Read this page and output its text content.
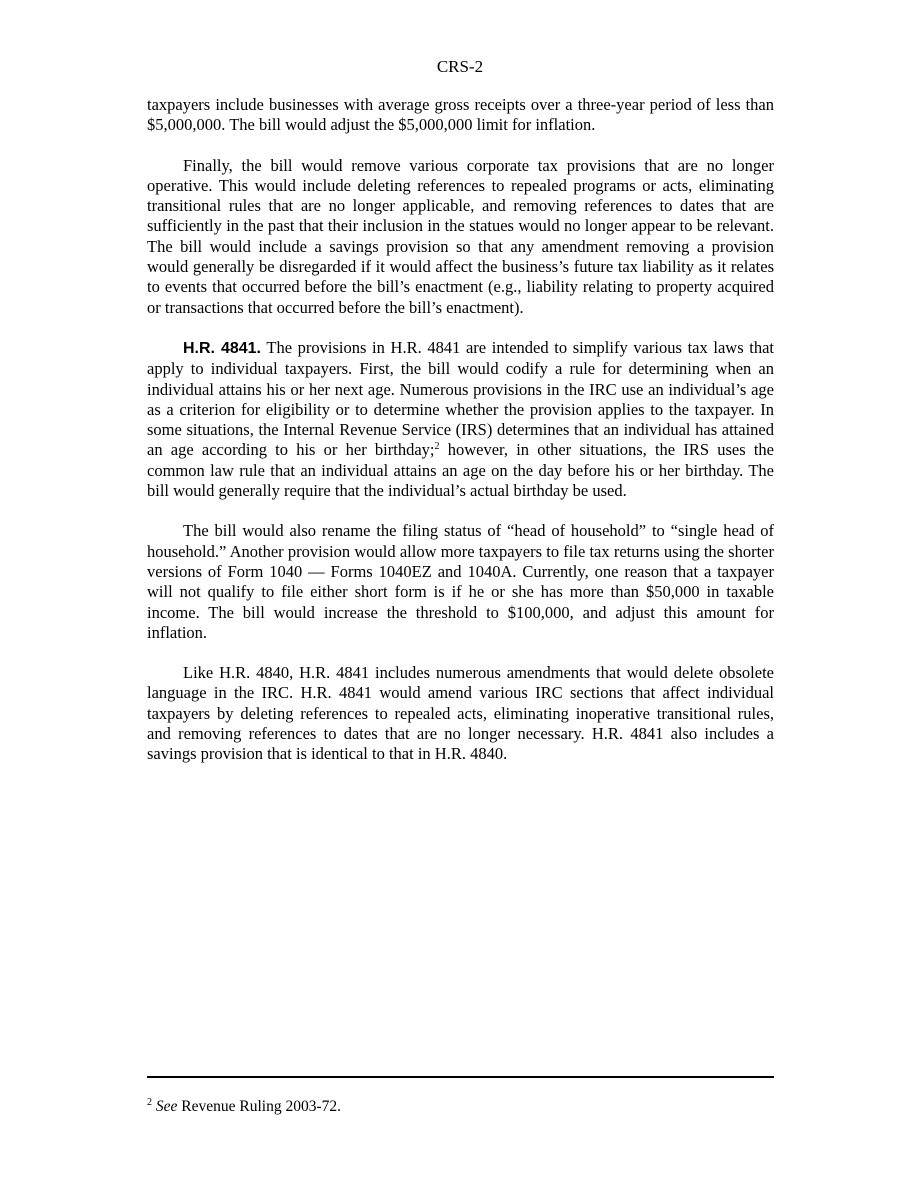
CRS-2

taxpayers include businesses with average gross receipts over a three-year period of less than $5,000,000. The bill would adjust the $5,000,000 limit for inflation.

Finally, the bill would remove various corporate tax provisions that are no longer operative. This would include deleting references to repealed programs or acts, eliminating transitional rules that are no longer applicable, and removing references to dates that are sufficiently in the past that their inclusion in the statues would no longer appear to be relevant. The bill would include a savings provision so that any amendment removing a provision would generally be disregarded if it would affect the business’s future tax liability as it relates to events that occurred before the bill’s enactment (e.g., liability relating to property acquired or transactions that occurred before the bill’s enactment).

H.R. 4841. The provisions in H.R. 4841 are intended to simplify various tax laws that apply to individual taxpayers. First, the bill would codify a rule for determining when an individual attains his or her next age. Numerous provisions in the IRC use an individual’s age as a criterion for eligibility or to determine whether the provision applies to the taxpayer. In some situations, the Internal Revenue Service (IRS) determines that an individual has attained an age according to his or her birthday;$^2$ however, in other situations, the IRS uses the common law rule that an individual attains an age on the day before his or her birthday. The bill would generally require that the individual’s actual birthday be used.

The bill would also rename the filing status of “head of household” to “single head of household.” Another provision would allow more taxpayers to file tax returns using the shorter versions of Form 1040 — Forms 1040EZ and 1040A. Currently, one reason that a taxpayer will not qualify to file either short form is if he or she has more than $50,000 in taxable income. The bill would increase the threshold to $100,000, and adjust this amount for inflation.

Like H.R. 4840, H.R. 4841 includes numerous amendments that would delete obsolete language in the IRC. H.R. 4841 would amend various IRC sections that affect individual taxpayers by deleting references to repealed acts, eliminating inoperative transitional rules, and removing references to dates that are no longer necessary. H.R. 4841 also includes a savings provision that is identical to that in H.R. 4840.

$^2$ See Revenue Ruling 2003-72.
